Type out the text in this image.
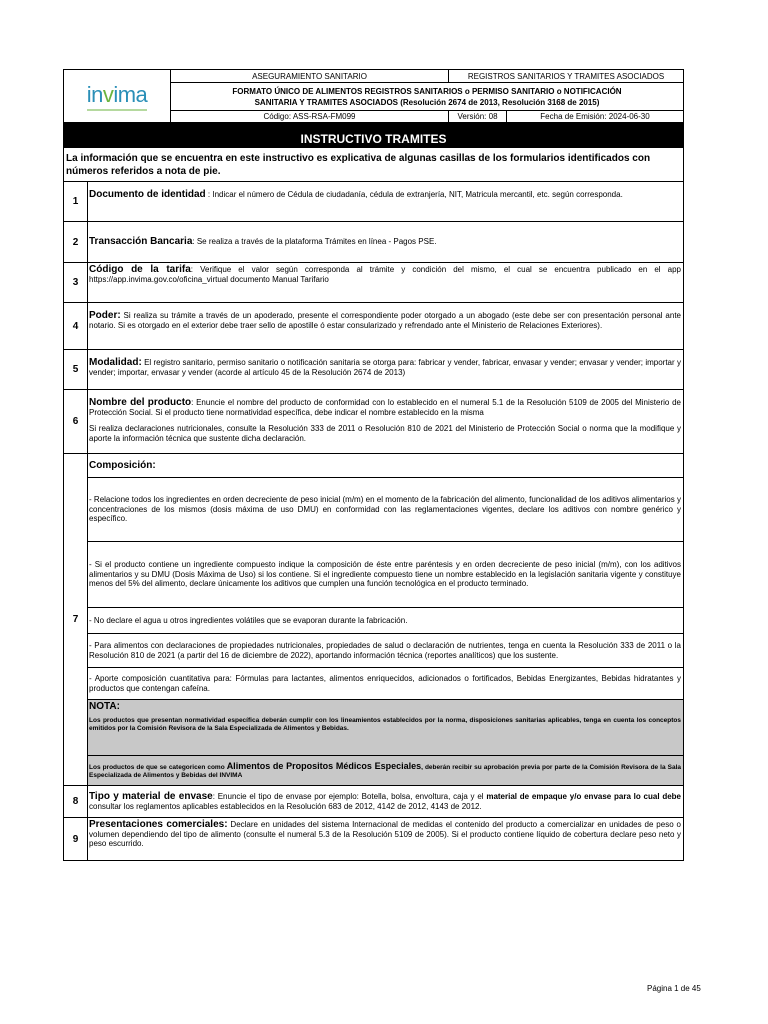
invima	ASEGURAMIENTO SANITARIO	REGISTROS SANITARIOS Y TRAMITES ASOCIADOS	

	FORMATO ÚNICO DE ALIMENTOS REGISTROS SANITARIOS o PERMISO SANITARIO o NOTIFICACIÓN
SANITARIA Y TRAMITES ASOCIADOS (Resolución 2674 de 2013, Resolución 3168 de 2015)		

	Código: ASS-RSA-FM099	Versión: 08	Fecha de Emisión: 2024-06-30

INSTRUCTIVO TRAMITES	
La información que se encuentra en este instructivo es explicativa de algunas casillas de los formularios identificados con números referidos a nota de pie.	
1	Documento de identidad : Indicar el número de Cédula de ciudadanía, cédula de extranjería, NIT, Matricula mercantil, etc. según corresponda.
2	Transacción Bancaria: Se realiza a través de la plataforma Trámites en línea - Pagos PSE.
3	Código de la tarifa: Verifique el valor según corresponda al trámite y condición del mismo, el cual se encuentra publicado en el app https://app.invima.gov.co/oficina_virtual documento Manual Tarifario
4	Poder: Si realiza su trámite a través de un apoderado, presente el correspondiente poder otorgado a un abogado (este debe ser con presentación personal ante notario. Si es otorgado en el exterior debe traer sello de apostille ó estar consularizado y refrendado ante el Ministerio de Relaciones Exteriores).
5	Modalidad: El registro sanitario, permiso sanitario o notificación sanitaria se otorga para: fabricar y vender, fabricar, envasar y vender; envasar y vender; importar y vender; importar, envasar y vender (acorde al artículo 45 de la Resolución 2674 de 2013)
6	Nombre del producto: Enuncie el nombre del producto de conformidad con lo establecido en el numeral 5.1 de la Resolución 5109 de 2005 del Ministerio de Protección Social. Si el producto tiene normatividad específica, debe indicar el nombre establecido en la misma
Si realiza declaraciones nutricionales, consulte la Resolución 333 de 2011 o Resolución 810 de 2021 del Ministerio de Protección Social o norma que la modifique y aporte la información técnica que sustente dicha declaración.

7	Composición:
	- Relacione todos los ingredientes en orden decreciente de peso inicial (m/m) en el momento de la fabricación del alimento, funcionalidad de los aditivos alimentarios y concentraciones de los mismos (dosis máxima de uso DMU) en conformidad con las reglamentaciones vigentes, declare los aditivos con nombre genérico y específico.
	- Si el producto contiene un ingrediente compuesto indique la composición de éste entre paréntesis y en orden decreciente de peso inicial (m/m), con los aditivos alimentarios y su DMU (Dosis Máxima de Uso) si los contiene. Si el ingrediente compuesto tiene un nombre establecido en la legislación sanitaria vigente y constituye menos del 5% del alimento, declare únicamente los aditivos que cumplen una función tecnológica en el producto terminado.
	- No declare el agua u otros ingredientes volátiles que se evaporan durante la fabricación.
	- Para alimentos con declaraciones de propiedades nutricionales, propiedades de salud o declaración de nutrientes, tenga en cuenta la Resolución 333 de 2011 o la Resolución 810 de 2021 (a partir del 16 de diciembre de 2022), aportando información técnica (reportes analíticos) que los sustente.
	- Aporte composición cuantitativa para: Fórmulas para lactantes, alimentos enriquecidos, adicionados o fortificados, Bebidas Energizantes, Bebidas hidratantes y productos que contengan cafeína.

	NOTA:
Los productos que presentan normatividad específica deberán cumplir con los lineamientos establecidos por la norma, disposiciones sanitarias aplicables, tenga en cuenta los conceptos emitidos por la Comisión Revisora de la Sala Especializada de Alimentos y Bebidas.

	Los productos de que se categoricen como Alimentos de Propositos Médicos Especiales, deberán recibir su aprobación previa por parte de la Comisión Revisora de la Sala Especializada de Alimentos y Bebidas del INVIMA

8	Tipo y material de envase: Enuncie el tipo de envase por ejemplo: Botella, bolsa, envoltura, caja y el material de empaque y/o envase para lo cual debe consultar los reglamentos aplicables establecidos en la Resolución 683 de 2012, 4142 de 2012, 4143 de 2012.
9	Presentaciones comerciales: Declare en unidades del sistema Internacional de medidas el contenido del producto a comercializar en unidades de peso o volumen dependiendo del tipo de alimento (consulte el numeral 5.3 de la Resolución 5109 de 2005). Si el producto contiene líquido de cobertura declare peso neto y peso escurrido.
Página 1 de 45
